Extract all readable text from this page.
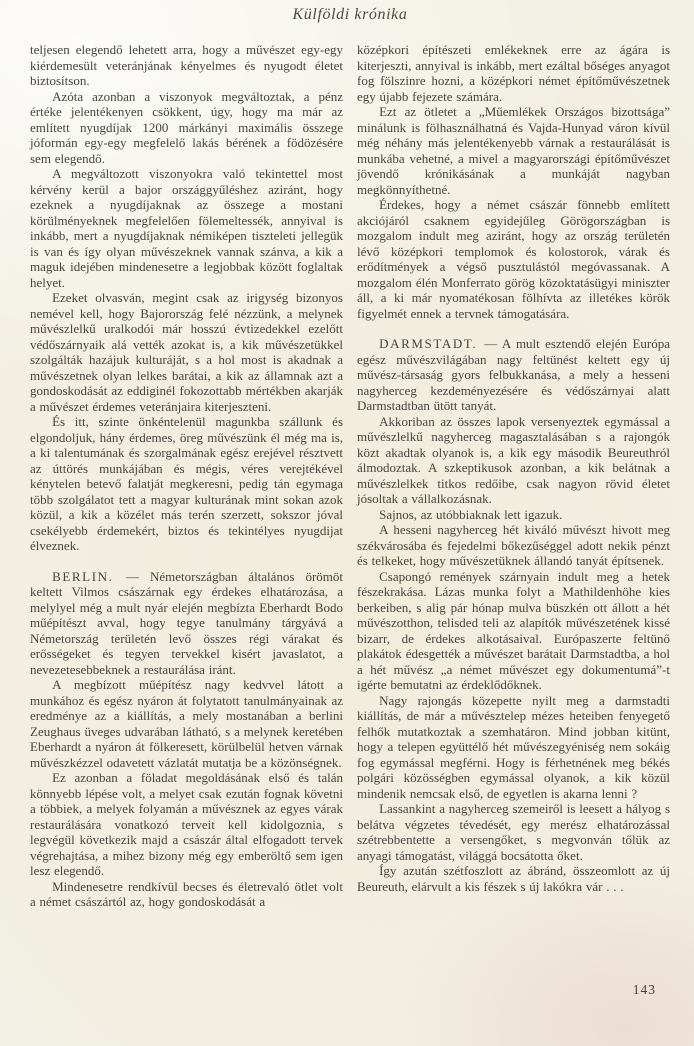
Külföldi krónika

teljesen elegendő lehetett arra, hogy a művészet egy-egy kiérdemesült veteránjának kényelmes és nyugodt életet biztosítson.

Azóta azonban a viszonyok megváltoztak, a pénz értéke jelentékenyen csökkent, úgy, hogy ma már az említett nyugdíjak 1200 márkányi maximális összege jóformán egy-egy megfelelő lakás bérének a födözésére sem elegendő.

A megváltozott viszonyokra való tekintettel most kérvény kerül a bajor országgyűléshez aziránt, hogy ezeknek a nyugdíjaknak az összege a mostani körülményeknek megfelelően fölemeltessék, annyival is inkább, mert a nyugdíjaknak némiképen tiszteleti jellegük is van és így olyan művészeknek vannak szánva, a kik a maguk idejében mindenesetre a legjobbak között foglaltak helyet.

Ezeket olvasván, megint csak az irigység bizonyos nemével kell, hogy Bajorország felé nézzünk, a melynek művészlelkű uralkodói már hosszú évtizedekkel ezelőtt védőszárnyaik alá vették azokat is, a kik művészetükkel szolgálták hazájuk kulturáját, s a hol most is akadnak a művészetnek olyan lelkes barátai, a kik az államnak azt a gondoskodását az eddiginél fokozottabb mértékben akarják a művészet érdemes veteránjaira kiterjeszteni.

És itt, szinte önkéntelenül magunkba szállunk és elgondoljuk, hány érdemes, öreg művészünk él még ma is, a ki talentumának és szorgalmának egész erejével résztvett az úttörés munkájában és mégis, véres verejtékével kénytelen betevő falatját megkeresni, pedig tán egymaga több szolgálatot tett a magyar kulturának mint sokan azok közül, a kik a közélet más terén szerzett, sokszor jóval csekélyebb érdemekért, biztos és tekintélyes nyugdijat élveznek.

BERLIN. — Németországban általános örömöt keltett Vilmos császárnak egy érdekes elhatározása, a melylyel még a mult nyár elején megbízta Eberhardt Bodo műépítészt avval, hogy tegye tanulmány tárgyává a Németország területén levő összes régi várakat és erősségeket és tegyen tervekkel kisért javaslatot, a nevezetesebbeknek a restaurálása iránt.

A megbízott műépítész nagy kedvvel látott a munkához és egész nyáron át folytatott tanulmányainak az eredménye az a kiállítás, a mely mostanában a berlini Zeughaus üveges udvarában látható, s a melynek keretében Eberhardt a nyáron át fölkeresett, körülbelül hetven várnak művészkézzel odavetett vázlatát mutatja be a közönségnek.

Ez azonban a föladat megoldásának első és talán könnyebb lépése volt, a melyet csak ezután fognak követni a többiek, a melyek folyamán a művésznek az egyes várak restaurálására vonatkozó terveit kell kidolgoznia, s legvégül következik majd a császár által elfogadott tervek végrehajtása, a mihez bizony még egy emberöltő sem igen lesz elegendő.

Mindenesetre rendkívül becses és életrevaló ötlet volt a német császártól az, hogy gondoskodását a

középkori építészeti emlékeknek erre az ágára is kiterjeszti, annyival is inkább, mert ezáltal bőséges anyagot fog fölszinre hozni, a középkori német építőművészetnek egy újabb fejezete számára.

Ezt az ötletet a „Műemlékek Országos bizottsága” minálunk is fölhasználhatná és Vajda-Hunyad váron kívül még néhány más jelentékenyebb várnak a restaurálását is munkába vehetné, a mivel a magyarországi építőművészet jövendő krónikásának a munkáját nagyban megkönnyíthetné.

Érdekes, hogy a német császár fönnebb említett akciójáról csaknem egyidejűleg Görögországban is mozgalom indult meg aziránt, hogy az ország területén lévő középkori templomok és kolostorok, várak és erődítmények a végső pusztulástól megóvassanak. A mozgalom élén Monferrato görög közoktatásügyi miniszter áll, a ki már nyomatékosan fölhívta az illetékes körök figyelmét ennek a tervnek támogatására.

DARMSTADT. — A mult esztendő elején Európa egész művészvilágában nagy feltünést keltett egy új művész-társaság gyors felbukkanása, a mely a hesseni nagyherceg kezdeményezésére és védőszárnyai alatt Darmstadtban ütött tanyát.

Akkoriban az összes lapok versenyeztek egymással a művészlelkű nagyherceg magasztalásában s a rajongók közt akadtak olyanok is, a kik egy második Beureuthról álmodoztak. A szkeptikusok azonban, a kik belátnak a művészlelkek titkos redőibe, csak nagyon rövid életet jósoltak a vállalkozásnak.

Sajnos, az utóbbiaknak lett igazuk.

A hesseni nagyherceg hét kiváló művészt hivott meg székvárosába és fejedelmi bőkezűséggel adott nekik pénzt és telkeket, hogy művészetüknek állandó tanyát építsenek.

Csapongó remények szárnyain indult meg a hetek fészekrakása. Lázas munka folyt a Mathildenhöhe kies berkeiben, s alig pár hónap mulva büszkén ott állott a hét művészotthon, telisded teli az alapítók művészetének kissé bizarr, de érdekes alkotásaival. Európaszerte feltünő plakátok édesgették a művészet barátait Darmstadtba, a hol a hét művész „a német művészet egy dokumentumá”-t igérte bemutatni az érdeklődőknek.

Nagy rajongás közepette nyilt meg a darmstadti kiállítás, de már a művésztelep mézes heteiben fenyegető felhők mutatkoztak a szemhatáron. Mind jobban kitünt, hogy a telepen együttélő hét művészegyéniség nem sokáig fog egymással megférni. Hogy is férhetnének meg békés polgári közösségben egymással olyanok, a kik közül mindenik nemcsak első, de egyetlen is akarna lenni ?

Lassankint a nagyherceg szemeiről is leesett a hályog s belátva végzetes tévedését, egy merész elhatározással szétrebbentette a versengőket, s megvonván tőlük az anyagi támogatást, világgá bocsátotta őket.

Így azután szétfoszlott az ábránd, összeomlott az új Beureuth, elárvult a kis fészek s új lakókra vár . . .

143
